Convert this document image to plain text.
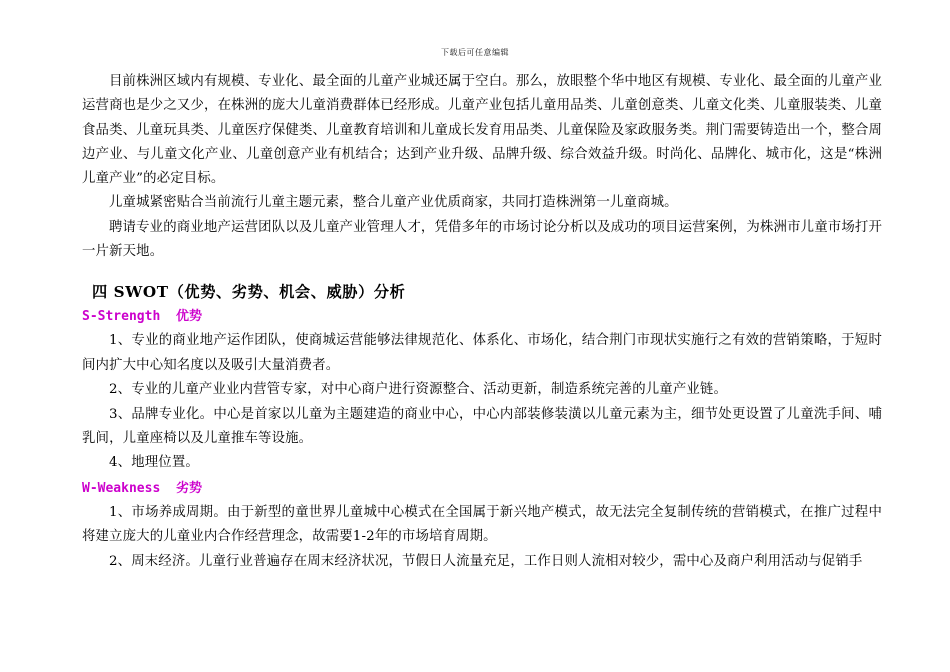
下载后可任意编辑

目前株洲区域内有规模、专业化、最全面的儿童产业城还属于空白。那么，放眼整个华中地区有规模、专业化、最全面的儿童产业运营商也是少之又少，在株洲的庞大儿童消费群体已经形成。儿童产业包括儿童用品类、儿童创意类、儿童文化类、儿童服装类、儿童食品类、儿童玩具类、儿童医疗保健类、儿童教育培训和儿童成长发育用品类、儿童保险及家政服务类。荆门需要铸造出一个，整合周边产业、与儿童文化产业、儿童创意产业有机结合；达到产业升级、品牌升级、综合效益升级。时尚化、品牌化、城市化，这是“株洲儿童产业”的必定目标。

儿童城紧密贴合当前流行儿童主题元素，整合儿童产业优质商家，共同打造株洲第一儿童商城。

聘请专业的商业地产运营团队以及儿童产业管理人才，凭借多年的市场讨论分析以及成功的项目运营案例，为株洲市儿童市场打开一片新天地。

四 SWOT（优势、劣势、机会、威胁）分析
S-Strength 优势

1、专业的商业地产运作团队，使商城运营能够法律规范化、体系化、市场化，结合荆门市现状实施行之有效的营销策略，于短时间内扩大中心知名度以及吸引大量消费者。

2、专业的儿童产业业内营管专家，对中心商户进行资源整合、活动更新，制造系统完善的儿童产业链。

3、品牌专业化。中心是首家以儿童为主题建造的商业中心，中心内部装修装潢以儿童元素为主，细节处更设置了儿童洗手间、哺乳间，儿童座椅以及儿童推车等设施。

4、地理位置。

W-Weakness 劣势

1、市场养成周期。由于新型的童世界儿童城中心模式在全国属于新兴地产模式，故无法完全复制传统的营销模式，在推广过程中将建立庞大的儿童业内合作经营理念，故需要1-2年的市场培育周期。

2、周末经济。儿童行业普遍存在周末经济状况，节假日人流量充足，工作日则人流相对较少，需中心及商户利用活动与促销手
